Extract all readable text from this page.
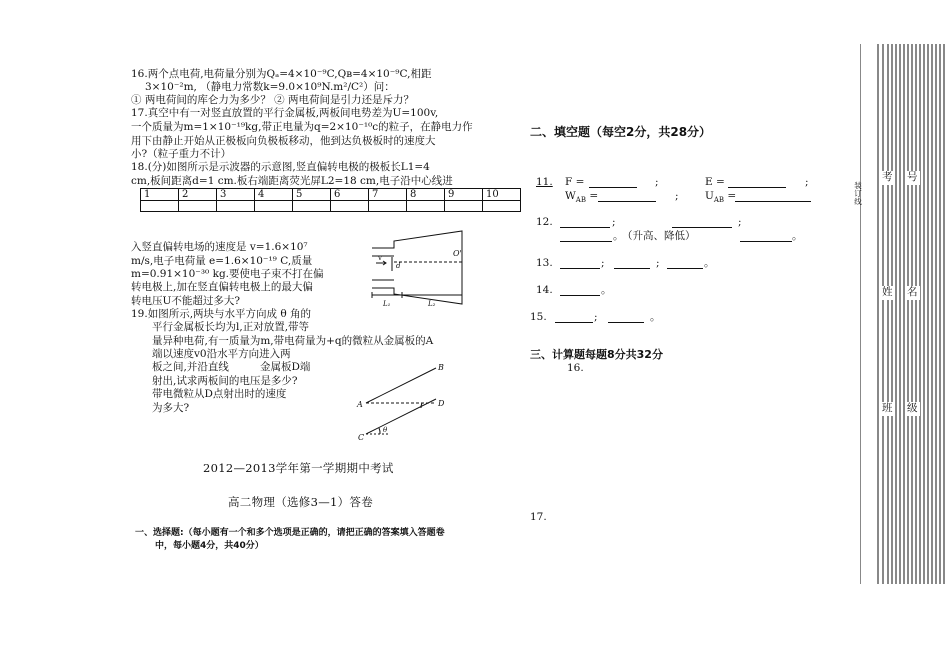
16.两个点电荷,电荷量分别为Qₐ=4×10⁻⁹C,Qʙ=4×10⁻⁹C,相距
3×10⁻²m, （静电力常数k=9.0×10⁹N.m²/C²）问：
① 两电荷间的库仑力为多少？ ② 两电荷间是引力还是斥力？
17.真空中有一对竖直放置的平行金属板,两板间电势差为U=100v,
一个质量为m=1×10⁻¹⁹kg,带正电量为q=2×10⁻¹⁰c的粒子，在静电力作
用下由静止开始从正极板向负极板移动，他到达负极板时的速度大
小?（粒子重力不计）
18.(分)如图所示是示波器的示意图,竖直偏转电极的极板长L1=4
cm,板间距离d=1 cm.板右端距离荧光屏L2=18 cm,电子沿中心线进
1	2	3	4	5	6	7	8	9	10

入竖直偏转电场的速度是 v=1.6×10⁷
m/s,电子电荷量 e=1.6×10⁻¹⁹ C,质量
m=0.91×10⁻³⁰ kg.要使电子束不打在偏
转电极上,加在竖直偏转电极上的最大偏
转电压U不能超过多大?
v
d
O'
L₁	L₂
19.如图所示,两块与水平方向成 θ 角的
平行金属板长均为l,正对放置,带等
量异种电荷,有一质量为m,带电荷量为+q的微粒从金属板的A
端以速度v0沿水平方向进入两
板之间,并沿直线	金属板D端
射出,试求两板间的电压是多少?
带电微粒从D点射出时的速度
为多大?	A
B
C
D
θ
2012—2013学年第一学期期中考试
高二物理（选修3—1）答卷
一、选择题:（每小题有一个和多个选项是正确的，请把正确的答案填入答题卷
中，每小题4分，共40分）
二、填空题（每空2分，共28分）
11. F =	;	E =	;
$W_{AB}$ =	;	$U_{AB}$ =
12.	;	;
。
（升高、降低）	。
13.	;	;	。
14.	。
15.	;	。
三、计算题每题8分共32分
16.
17.
装订线
考 号
姓 名
班 级
